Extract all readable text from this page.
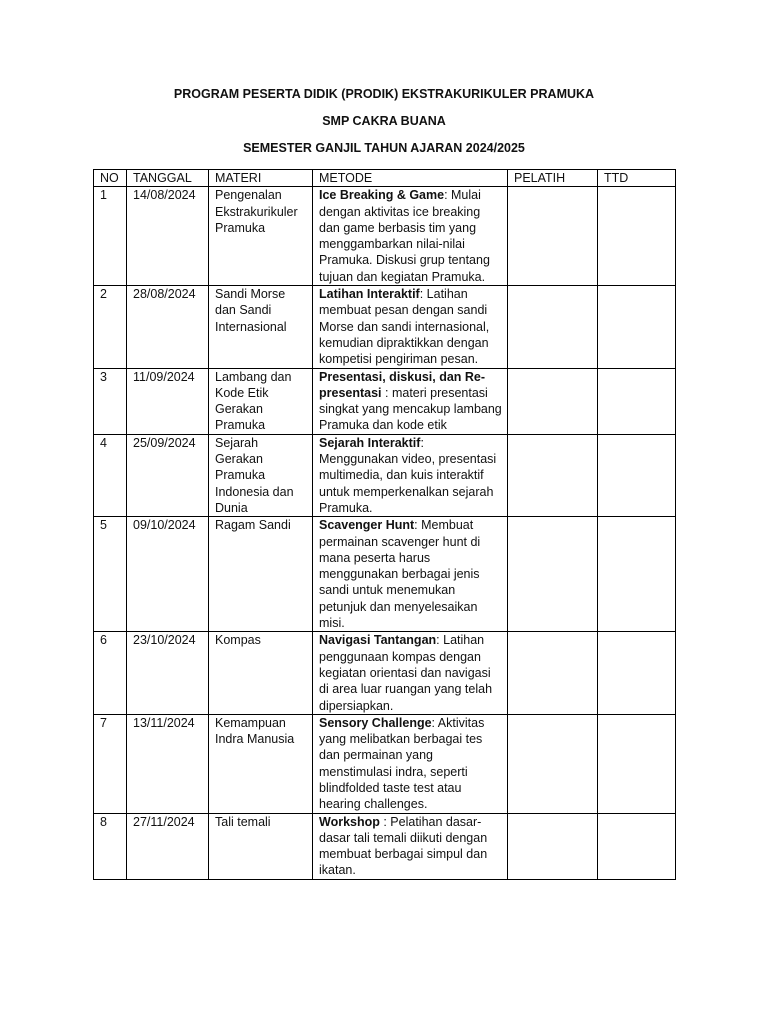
PROGRAM PESERTA DIDIK (PRODIK) EKSTRAKURIKULER PRAMUKA
SMP CAKRA BUANA
SEMESTER GANJIL TAHUN AJARAN 2024/2025
NO	TANGGAL	MATERI	METODE	PELATIH	TTD
1	14/08/2024	Pengenalan Ekstrakurikuler Pramuka	Ice Breaking & Game: Mulai dengan aktivitas ice breaking dan game berbasis tim yang menggambarkan nilai-nilai Pramuka. Diskusi grup tentang tujuan dan kegiatan Pramuka.		
2	28/08/2024	Sandi Morse dan Sandi Internasional	Latihan Interaktif: Latihan membuat pesan dengan sandi Morse dan sandi internasional, kemudian dipraktikkan dengan kompetisi pengiriman pesan.		
3	11/09/2024	Lambang dan Kode Etik Gerakan Pramuka	Presentasi, diskusi, dan Re-presentasi : materi presentasi singkat yang mencakup lambang Pramuka dan kode etik		
4	25/09/2024	Sejarah Gerakan Pramuka Indonesia dan Dunia	Sejarah Interaktif: Menggunakan video, presentasi multimedia, dan kuis interaktif untuk memperkenalkan sejarah Pramuka.		
5	09/10/2024	Ragam Sandi	Scavenger Hunt: Membuat permainan scavenger hunt di mana peserta harus menggunakan berbagai jenis sandi untuk menemukan petunjuk dan menyelesaikan misi.		
6	23/10/2024	Kompas	Navigasi Tantangan: Latihan penggunaan kompas dengan kegiatan orientasi dan navigasi di area luar ruangan yang telah dipersiapkan.		
7	13/11/2024	Kemampuan Indra Manusia	Sensory Challenge: Aktivitas yang melibatkan berbagai tes dan permainan yang menstimulasi indra, seperti blindfolded taste test atau hearing challenges.		
8	27/11/2024	Tali temali	Workshop : Pelatihan dasar-dasar tali temali diikuti dengan membuat berbagai simpul dan ikatan.		
